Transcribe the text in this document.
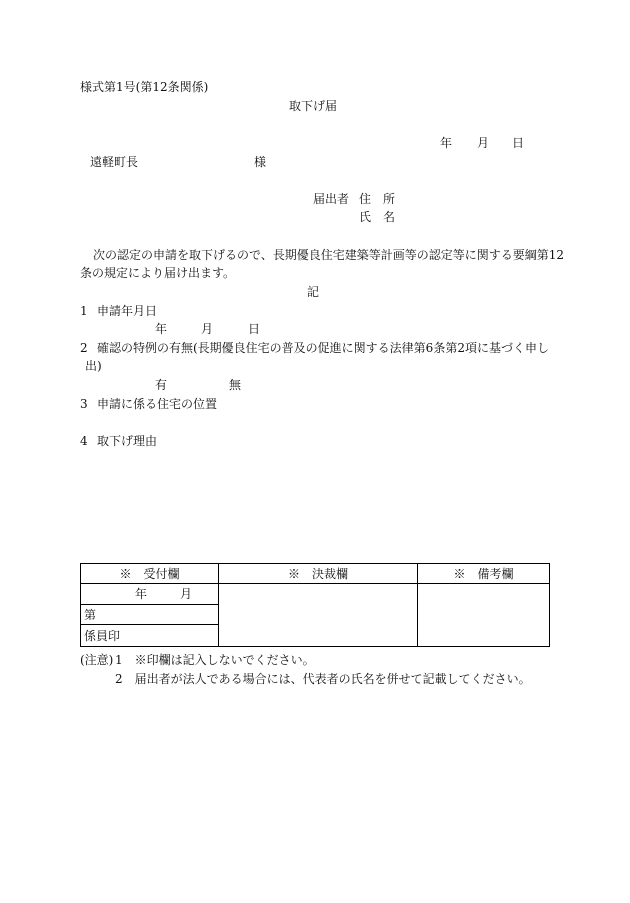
様式第1号(第12条関係)
取下げ届
年 月 日
遠軽町長	様
届出者 住　所
氏　名
次の認定の申請を取下げるので、長期優良住宅建築等計画等の認定等に関する要綱第12
条の規定により届け出ます。
記
1 申請年月日
年	月	日
2 確認の特例の有無(長期優良住宅の普及の促進に関する法律第6条第2項に基づく申し
出)
有	無
3 申請に係る住宅の位置
4 取下げ理由
※　受付欄	※　決裁欄	※　備考欄

年 月		

第		
係員印		
(注意) 1　※印欄は記入しないでください。
2　届出者が法人である場合には、代表者の氏名を併せて記載してください。
